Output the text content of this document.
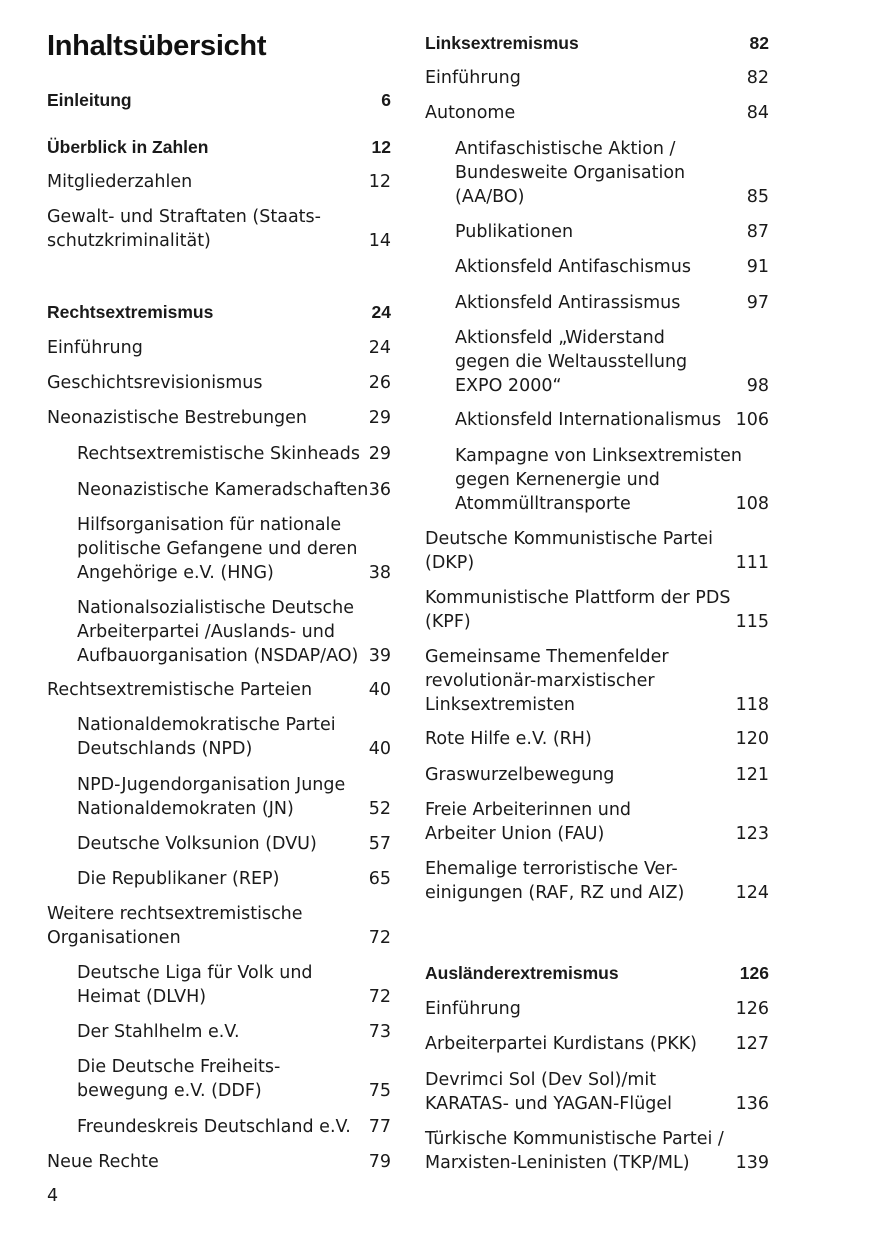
Inhaltsübersicht
Einleitung	6
Überblick in Zahlen	12
Mitgliederzahlen	12
Gewalt- und Straftaten (Staats-
schutzkriminalität)	14
Rechtsextremismus	24
Einführung	24
Geschichtsrevisionismus	26
Neonazistische Bestrebungen	29
Rechtsextremistische Skinheads 29
Neonazistische Kameradschaften 36
Hilfsorganisation für nationale
politische Gefangene und deren
Angehörige e.V. (HNG)	38
Nationalsozialistische Deutsche
Arbeiterpartei /Auslands- und
Aufbauorganisation (NSDAP/AO) 39
Rechtsextremistische Parteien	40
Nationaldemokratische Partei
Deutschlands (NPD)	40
NPD-Jugendorganisation Junge
Nationaldemokraten (JN)	52
Deutsche Volksunion (DVU)	57
Die Republikaner (REP)	65
Weitere rechtsextremistische
Organisationen	72
Deutsche Liga für Volk und
Heimat (DLVH)	72
Der Stahlhelm e.V.	73
Die Deutsche Freiheits-
bewegung e.V. (DDF)	75
Freundeskreis Deutschland e.V.	77
Neue Rechte	79
Linksextremismus	82
Einführung	82
Autonome	84
Antifaschistische Aktion /
Bundesweite Organisation
(AA/BO)	85
Publikationen	87
Aktionsfeld Antifaschismus	91
Aktionsfeld Antirassismus	97
Aktionsfeld „Widerstand
gegen die Weltausstellung
EXPO 2000“	98
Aktionsfeld Internationalismus 106
Kampagne von Linksextremisten
gegen Kernenergie und
Atommülltransporte	108
Deutsche Kommunistische Partei
(DKP)	111
Kommunistische Plattform der PDS
(KPF)	115
Gemeinsame Themenfelder
revolutionär-marxistischer
Linksextremisten	118
Rote Hilfe e.V. (RH)	120
Graswurzelbewegung	121
Freie Arbeiterinnen und
Arbeiter Union (FAU)	123
Ehemalige terroristische Ver-
einigungen (RAF, RZ und AIZ)	124
Ausländerextremismus	126
Einführung	126
Arbeiterpartei Kurdistans (PKK)	127
Devrimci Sol (Dev Sol)/mit
KARATAS- und YAGAN-Flügel	136
Türkische Kommunistische Partei /
Marxisten-Leninisten (TKP/ML)	139
4
